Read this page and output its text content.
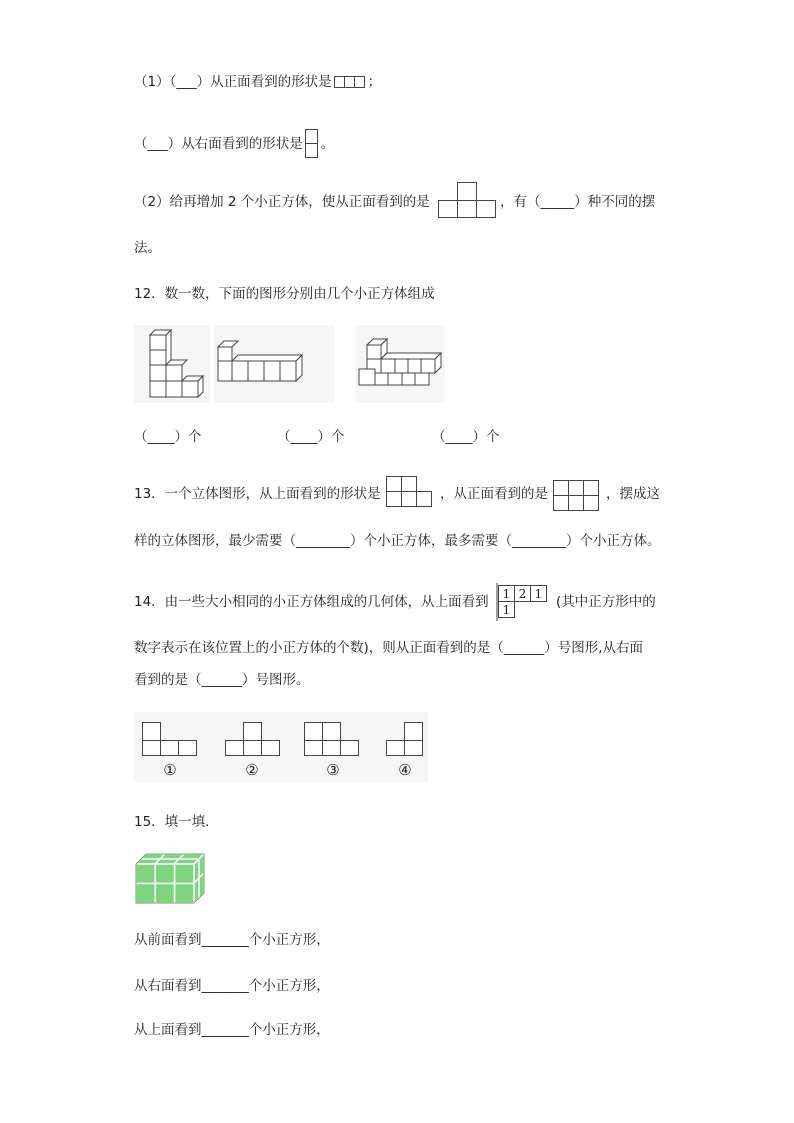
（1）（___）从正面看到的形状是	；
（___）从右面看到的形状是 。
（2）给再增加 2 个小正方体，使从正面看到的是	，有（_____）种不同的摆
法。
12．数一数，下面的图形分别由几个小正方体组成
（____）个	（____）个	（____）个
13．一个立体图形，从上面看到的形状是	，从正面看到的是	，摆成这
样的立体图形，最少需要（________）个小正方体，最多需要（________）个小正方体。
14．由一些大小相同的小正方体组成的几何体，从上面看到 1 2 1
1	(其中正方形中的
数字表示在该位置上的小正方体的个数)，则从正面看到的是（______）号图形,从右面
看到的是（______）号图形。
①	②	③	④
15．填一填.
从前面看到_______个小正方形，
从右面看到_______个小正方形，
从上面看到_______个小正方形，
